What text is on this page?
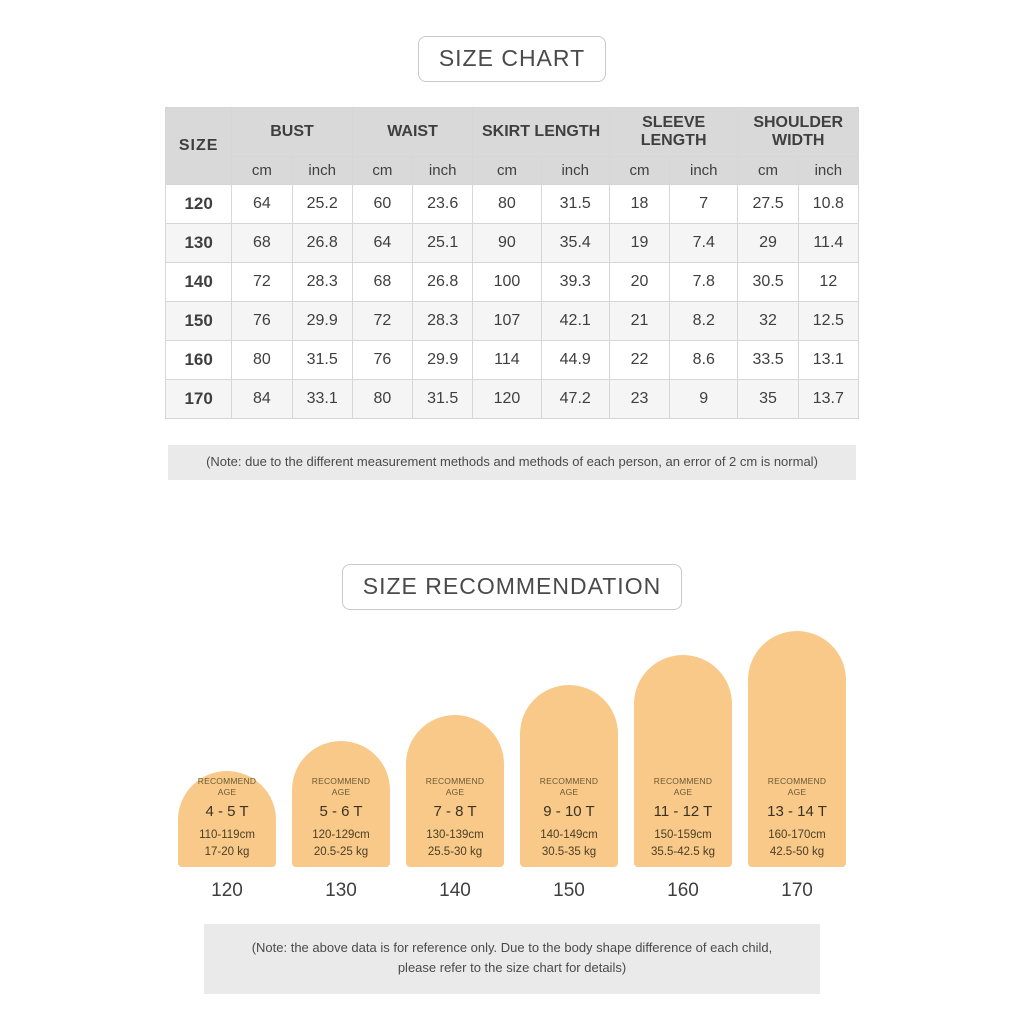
SIZE CHART
SIZE	BUST		WAIST		SKIRT LENGTH		SLEEVE LENGTH		SHOULDER WIDTH	
	cm	inch	cm	inch	cm	inch	cm	inch	cm	inch
120	64	25.2	60	23.6	80	31.5	18	7	27.5	10.8
130	68	26.8	64	25.1	90	35.4	19	7.4	29	11.4
140	72	28.3	68	26.8	100	39.3	20	7.8	30.5	12
150	76	29.9	72	28.3	107	42.1	21	8.2	32	12.5
160	80	31.5	76	29.9	114	44.9	22	8.6	33.5	13.1
170	84	33.1	80	31.5	120	47.2	23	9	35	13.7
(Note: due to the different measurement methods and methods of each person, an error of 2 cm is normal)
SIZE RECOMMENDATION
RECOMMEND
AGE
4 - 5 T
110-119cm
17-20 kg
120
RECOMMEND
AGE
5 - 6 T
120-129cm
20.5-25 kg
130
RECOMMEND
AGE
7 - 8 T
130-139cm
25.5-30 kg
140
RECOMMEND
AGE
9 - 10 T
140-149cm
30.5-35 kg
150
RECOMMEND
AGE
11 - 12 T
150-159cm
35.5-42.5 kg
160
RECOMMEND
AGE
13 - 14 T
160-170cm
42.5-50 kg
170
(Note: the above data is for reference only. Due to the body shape difference of each child,
please refer to the size chart for details)
